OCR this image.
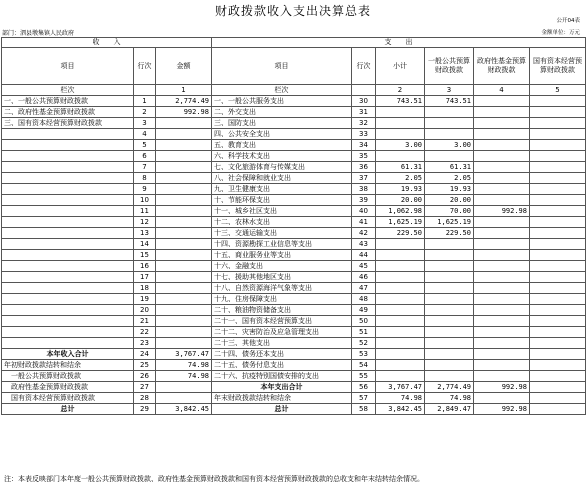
财政拨款收入支出决算总表
公开04表
部门：泗县墩集镇人民政府	金额单位：万元
收　　入			支　　出					
项目	行次	金额	项目	行次	小计	一般公共预算财政拨款	政府性基金预算财政拨款	国有资本经营预算财政拨款
栏次		1	栏次		2	3	4	5
一、一般公共预算财政拨款	1	2,774.49	一、一般公共服务支出	30	743.51	743.51		
二、政府性基金预算财政拨款	2	992.98	二、外交支出	31				
三、国有资本经营预算财政拨款	3		三、国防支出	32				
	4		四、公共安全支出	33				
	5		五、教育支出	34	3.00	3.00		
	6		六、科学技术支出	35				
	7		七、文化旅游体育与传媒支出	36	61.31	61.31		
	8		八、社会保障和就业支出	37	2.05	2.05		
	9		九、卫生健康支出	38	19.93	19.93		
	10		十、节能环保支出	39	20.00	20.00		
	11		十一、城乡社区支出	40	1,062.98	70.00	992.98	
	12		十二、农林水支出	41	1,625.19	1,625.19		
	13		十三、交通运输支出	42	229.50	229.50		
	14		十四、资源勘探工业信息等支出	43				
	15		十五、商业服务业等支出	44				
	16		十六、金融支出	45				
	17		十七、援助其他地区支出	46				
	18		十八、自然资源海洋气象等支出	47				
	19		十九、住房保障支出	48				
	20		二十、粮油物资储备支出	49				
	21		二十一、国有资本经营预算支出	50				
	22		二十二、灾害防治及应急管理支出	51				
	23		二十三、其他支出	52				
本年收入合计	24	3,767.47	二十四、债务还本支出	53				
年初财政拨款结转和结余	25	74.98	二十五、债务付息支出	54				
一般公共预算财政拨款	26	74.98	二十六、抗疫特别国债安排的支出	55				
政府性基金预算财政拨款	27		本年支出合计	56	3,767.47	2,774.49	992.98	
国有资本经营预算财政拨款	28		年末财政拨款结转和结余	57	74.98	74.98		
总计	29	3,842.45	总计	58	3,842.45	2,849.47	992.98	
注：本表反映部门本年度一般公共预算财政拨款、政府性基金预算财政拨款和国有资本经营预算财政拨款的总收支和年末结转结余情况。
